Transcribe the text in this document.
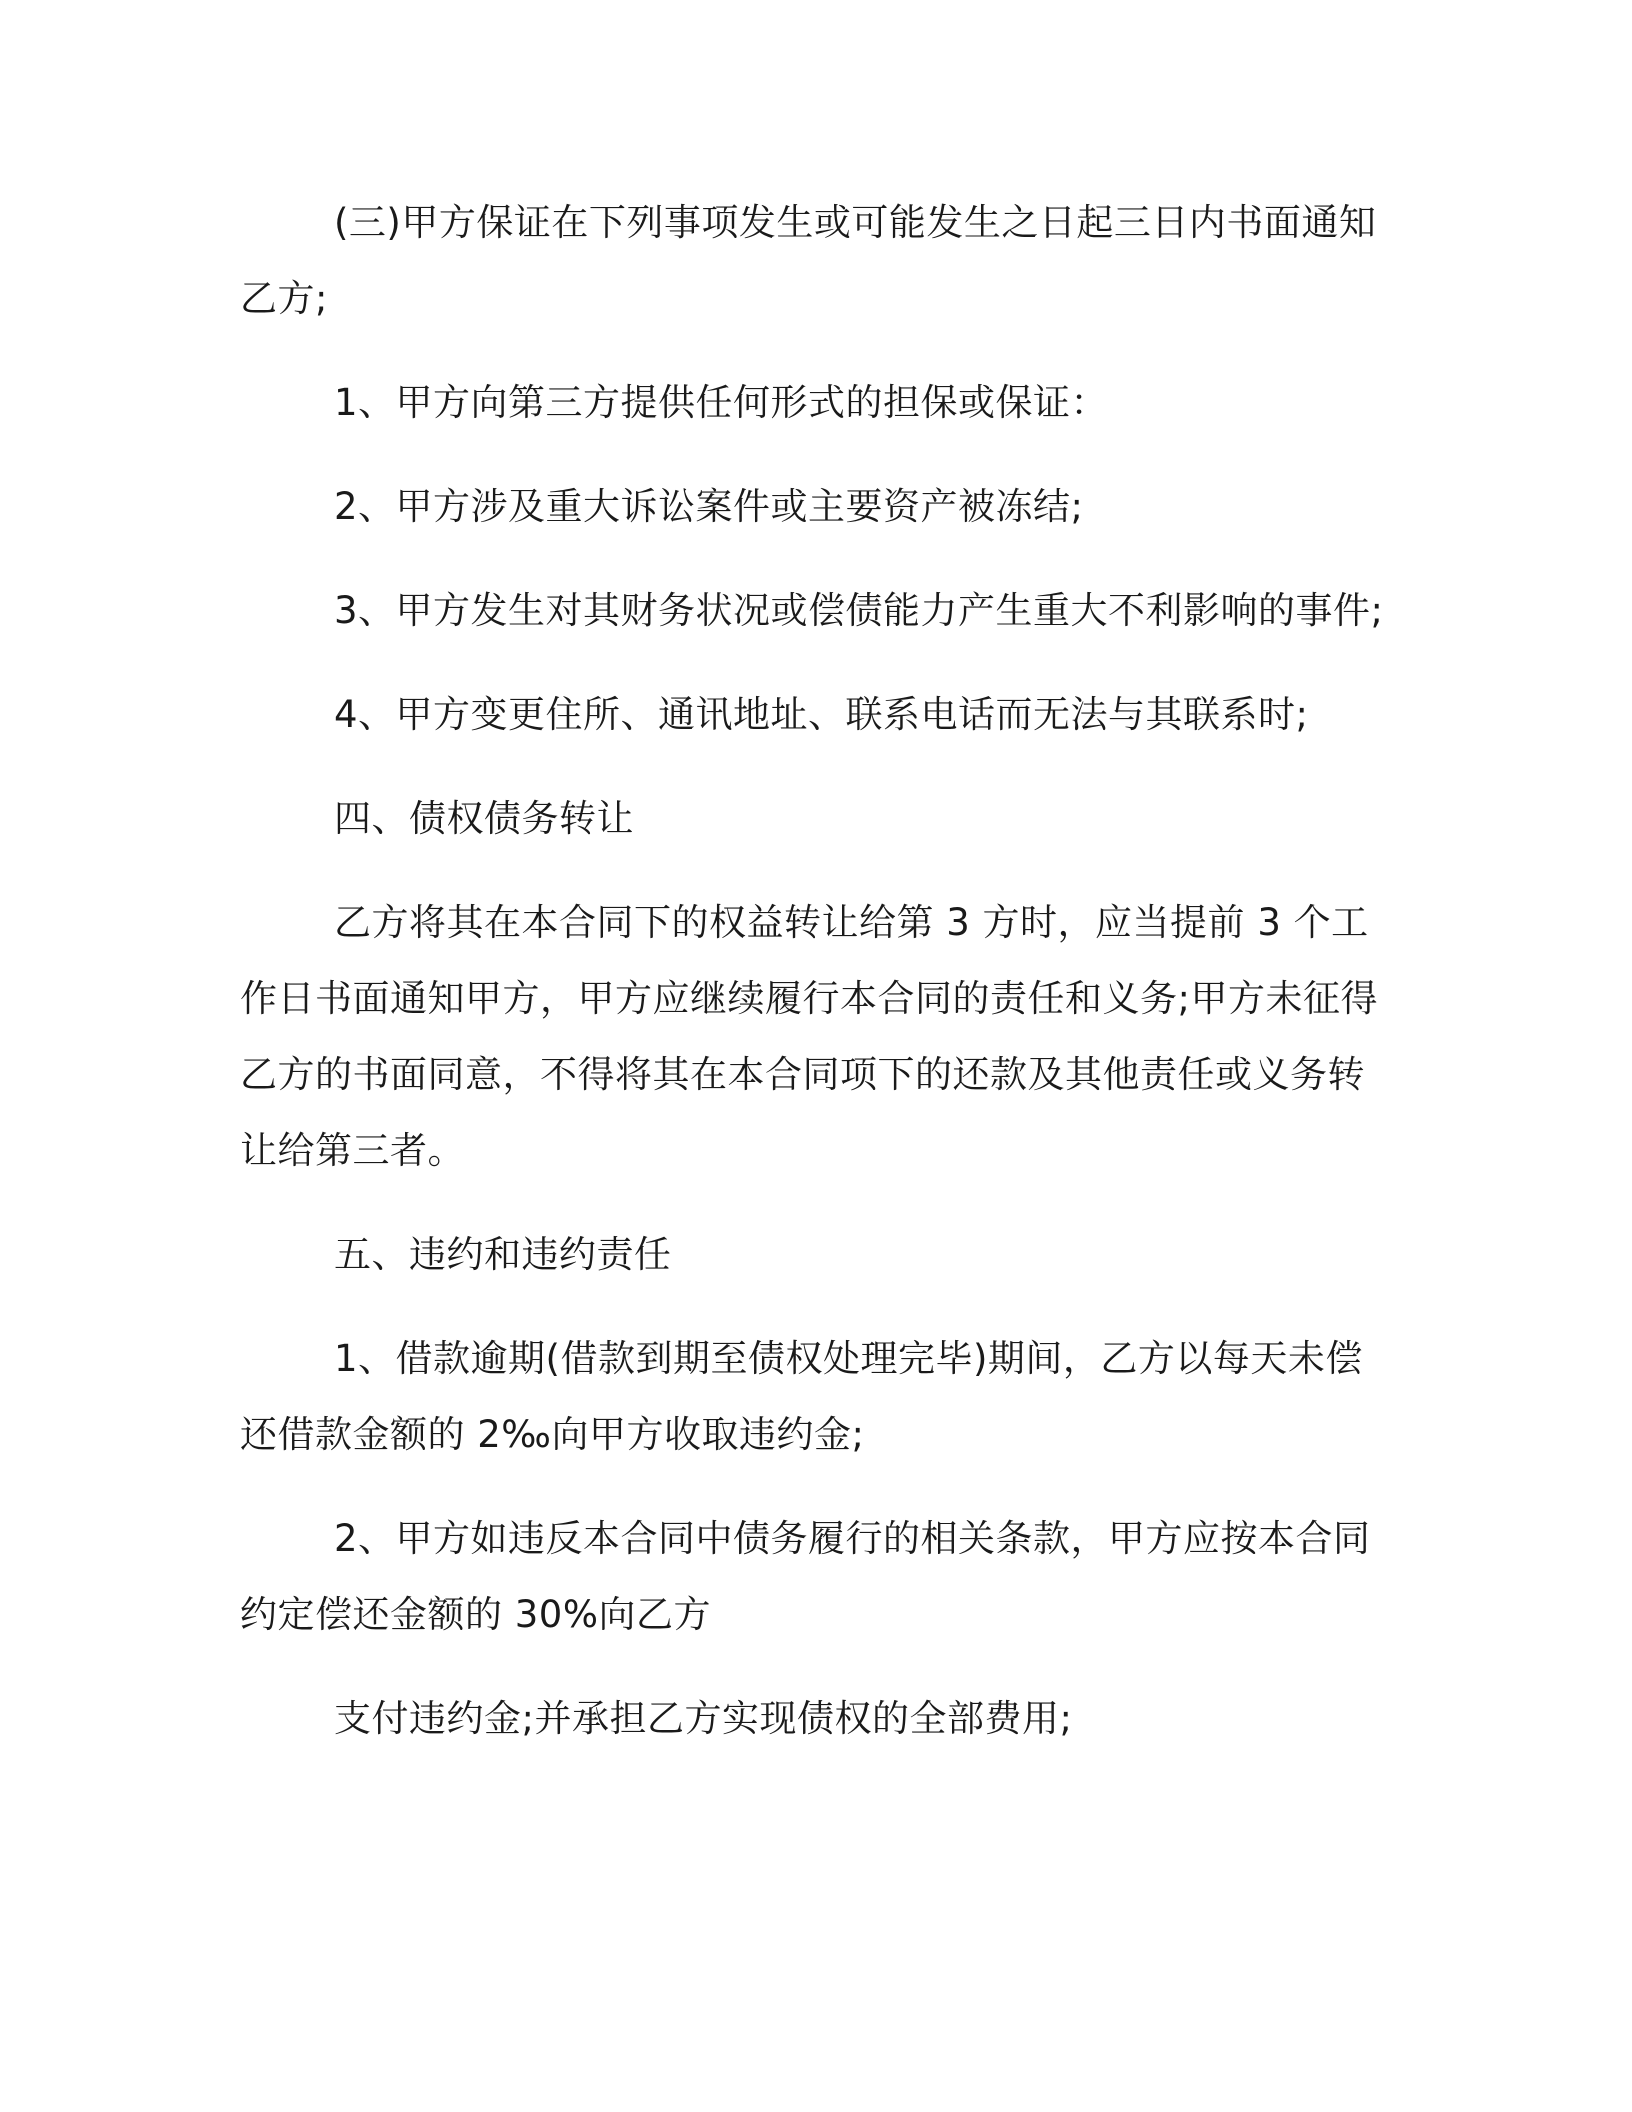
(三)甲方保证在下列事项发生或可能发生之日起三日内书面通知乙方;

1、甲方向第三方提供任何形式的担保或保证：

2、甲方涉及重大诉讼案件或主要资产被冻结;

3、甲方发生对其财务状况或偿债能力产生重大不利影响的事件;

4、甲方变更住所、通讯地址、联系电话而无法与其联系时;

四、债权债务转让

乙方将其在本合同下的权益转让给第 3 方时，应当提前 3 个工作日书面通知甲方，甲方应继续履行本合同的责任和义务;甲方未征得乙方的书面同意，不得将其在本合同项下的还款及其他责任或义务转让给第三者。

五、违约和违约责任

1、借款逾期(借款到期至债权处理完毕)期间，乙方以每天未偿还借款金额的 2‰向甲方收取违约金;

2、甲方如违反本合同中债务履行的相关条款，甲方应按本合同约定偿还金额的 30%向乙方

支付违约金;并承担乙方实现债权的全部费用;
